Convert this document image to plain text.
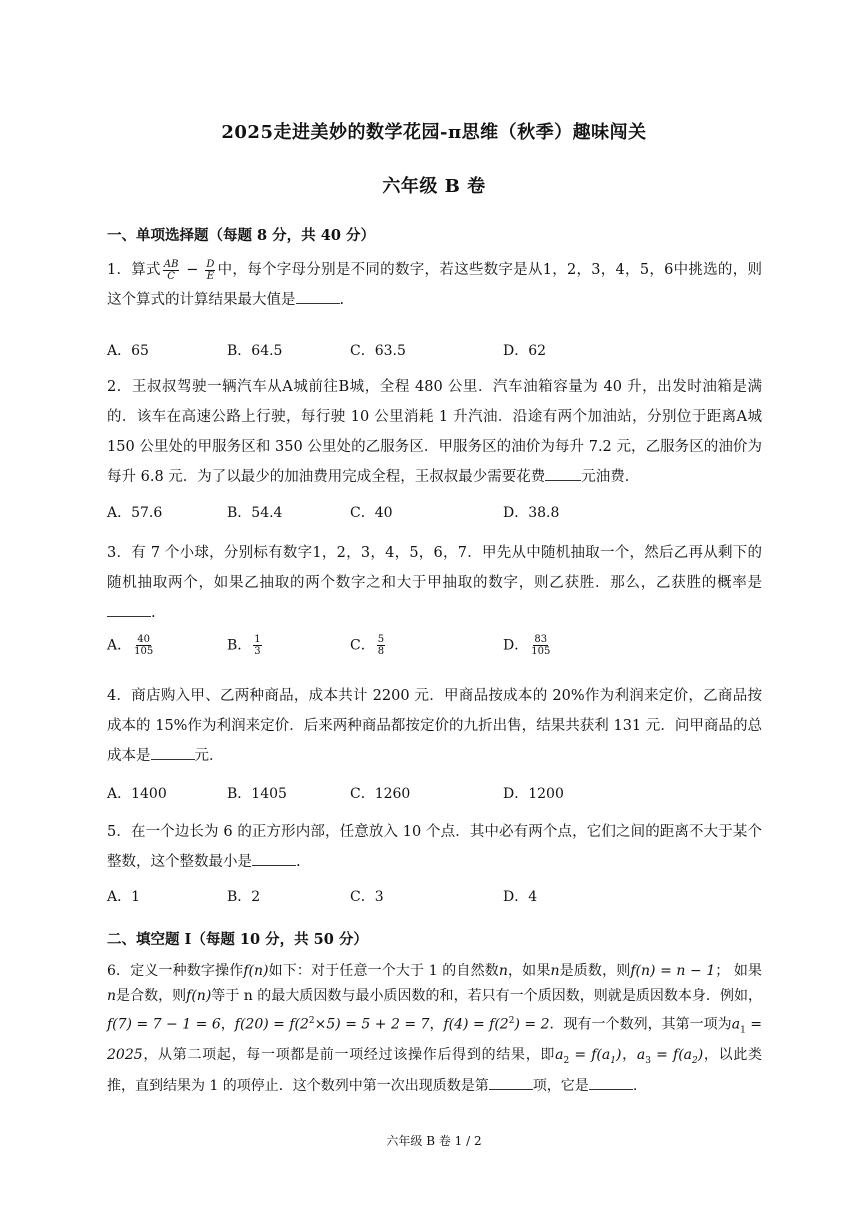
2025走进美妙的数学花园-π思维（秋季）趣味闯关
六年级 B 卷
一、单项选择题（每题 8 分，共 40 分）
1．算式 $\frac{AB}{C} - \frac{D}{E}$ 中，每个字母分别是不同的数字，若这些数字是从1，2，3，4，5，6中挑选的，则这个算式的计算结果最大值是	.
A．65	B．64.5	C．63.5	D．62
2．王叔叔驾驶一辆汽车从A城前往B城，全程 480 公里．汽车油箱容量为 40 升，出发时油箱是满的．该车在高速公路上行驶，每行驶 10 公里消耗 1 升汽油．沿途有两个加油站，分别位于距离A城 150 公里处的甲服务区和 350 公里处的乙服务区．甲服务区的油价为每升 7.2 元，乙服务区的油价为每升 6.8 元．为了以最少的加油费用完成全程，王叔叔最少需要花费 元油费．
A．57.6	B．54.4	C．40	D．38.8
3．有 7 个小球，分别标有数字1，2，3，4，5，6，7．甲先从中随机抽取一个，然后乙再从剩下的随机抽取两个，如果乙抽取的两个数字之和大于甲抽取的数字，则乙获胜．那么，乙获胜的概率是.
A． $\frac{40}{105}$	B． $\frac{1}{3}$	C． $\frac{5}{8}$	D． $\frac{83}{105}$
4．商店购入甲、乙两种商品，成本共计 2200 元．甲商品按成本的 20%作为利润来定价，乙商品按成本的 15%作为利润来定价．后来两种商品都按定价的九折出售，结果共获利 131 元．问甲商品的总成本是	元．
A．1400	B．1405	C．1260	D．1200
5．在一个边长为 6 的正方形内部，任意放入 10 个点．其中必有两个点，它们之间的距离不大于某个整数，这个整数最小是	.
A．1	B．2	C．3	D．4
二、填空题 I（每题 10 分，共 50 分）
6．定义一种数字操作f(n)如下：对于任意一个大于 1 的自然数n，如果n是质数，则f(n) = n − 1； 如果n是合数，则f(n)等于 n 的最大质因数与最小质因数的和，若只有一个质因数，则就是质因数本身．例如，f(7) = 7 − 1 = 6，$f(20) = f(2^2\times 5) = 5 + 2 = 7$，$f(4) = f(2^2) = 2$．现有一个数列，其第一项为$a_1 = 2025$，从第二项起，每一项都是前一项经过该操作后得到的结果，即$a_2 = f(a_1)$，$a_3 = f(a_2)$，以此类推，直到结果为 1 的项停止．这个数列中第一次出现质数是第	项，它是	.
六年级 B 卷 1 / 2
